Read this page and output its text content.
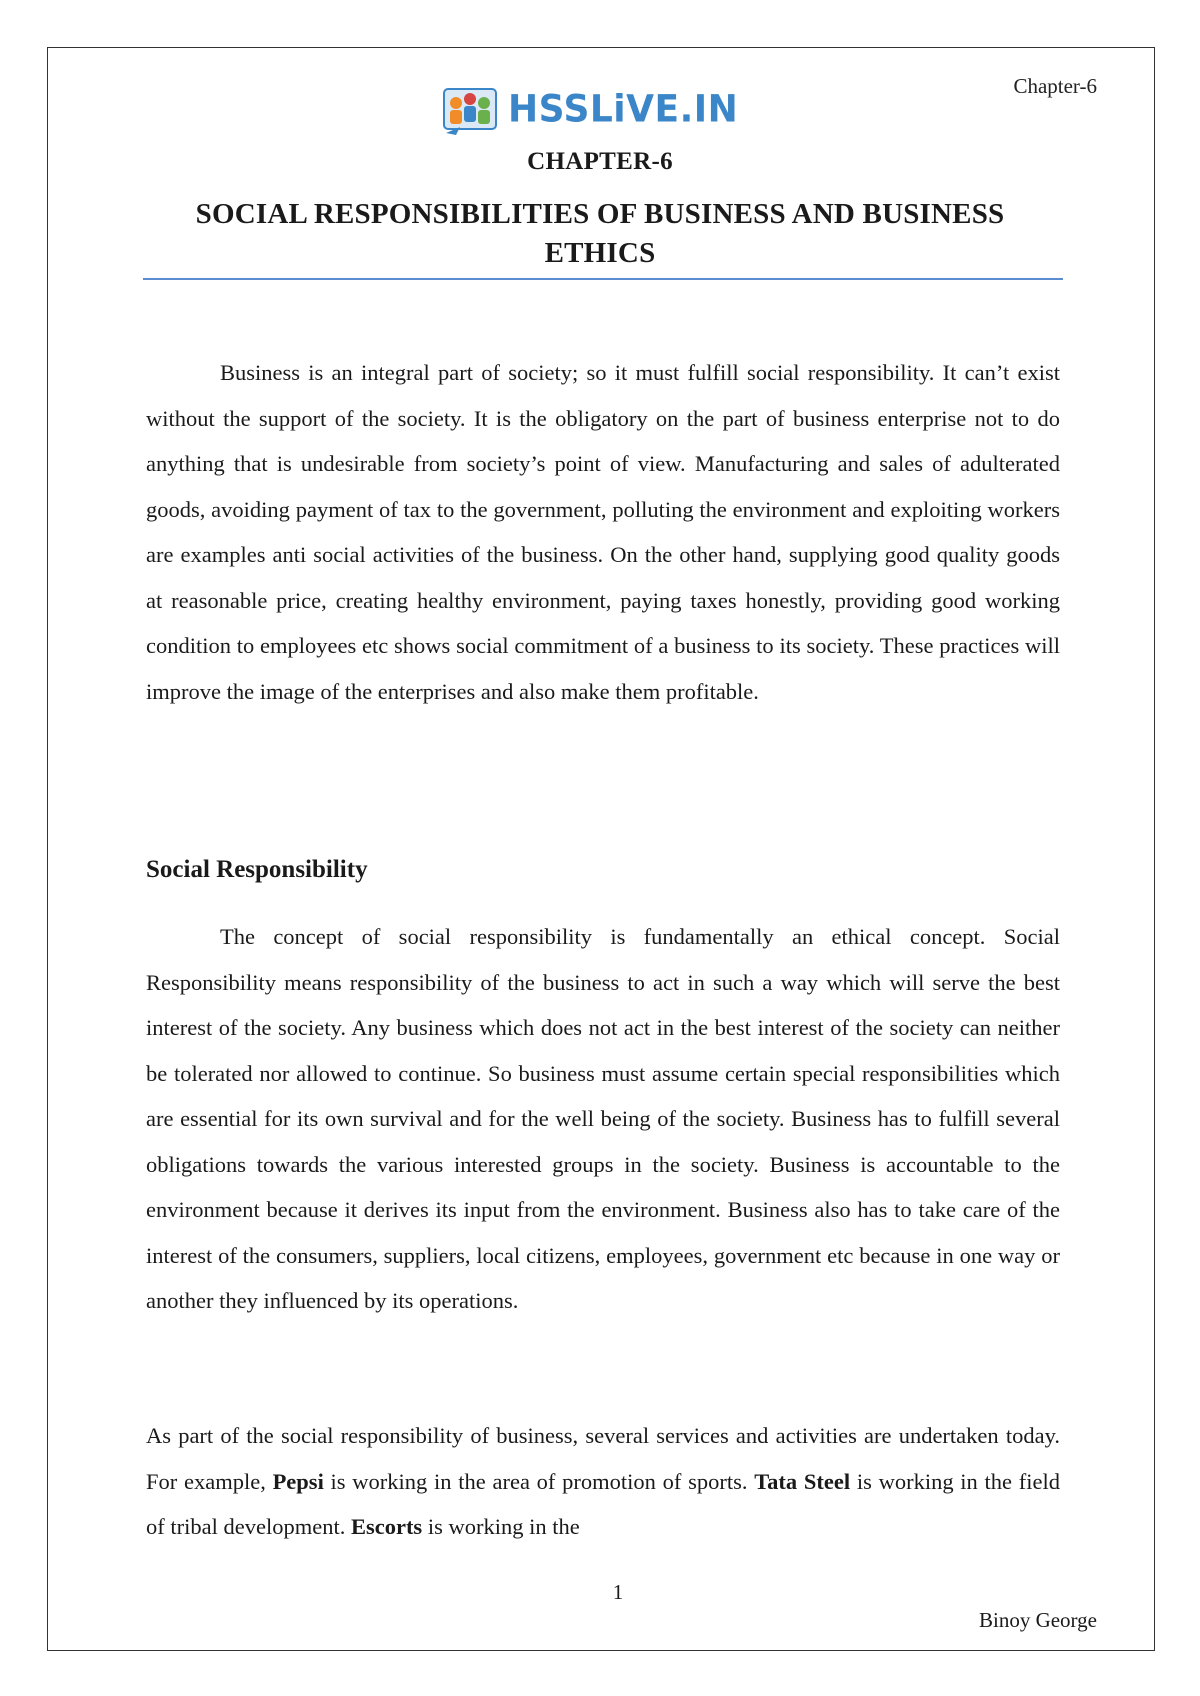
Chapter-6
HSSLiVE.IN
CHAPTER-6
SOCIAL RESPONSIBILITIES OF BUSINESS AND BUSINESS ETHICS

Business is an integral part of society; so it must fulfill social responsibility. It can’t exist without the support of the society. It is the obligatory on the part of business enterprise not to do anything that is undesirable from society’s point of view. Manufacturing and sales of adulterated goods, avoiding payment of tax to the government, polluting the environment and exploiting workers are examples anti social activities of the business. On the other hand, supplying good quality goods at reasonable price, creating healthy environment, paying taxes honestly, providing good working condition to employees etc shows social commitment of a business to its society. These practices will improve the image of the enterprises and also make them profitable.

Social Responsibility

The concept of social responsibility is fundamentally an ethical concept. Social Responsibility means responsibility of the business to act in such a way which will serve the best interest of the society. Any business which does not act in the best interest of the society can neither be tolerated nor allowed to continue. So business must assume certain special responsibilities which are essential for its own survival and for the well being of the society. Business has to fulfill several obligations towards the various interested groups in the society. Business is accountable to the environment because it derives its input from the environment. Business also has to take care of the interest of the consumers, suppliers, local citizens, employees, government etc because in one way or another they influenced by its operations.

As part of the social responsibility of business, several services and activities are undertaken today. For example, Pepsi is working in the area of promotion of sports. Tata Steel is working in the field of tribal development. Escorts is working in the

1
Binoy George
